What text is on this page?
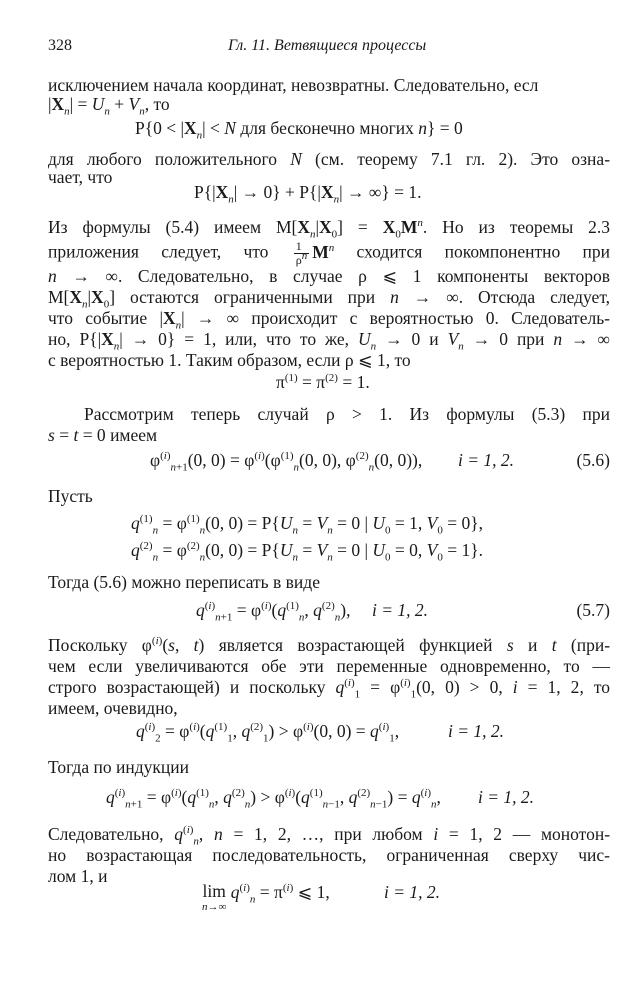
328	Гл. 11. Ветвящиеся процессы
исключением начала координат, невозвратны. Следовательно, есл
$|X_n| = U_n + V_n$, то
$P\{0 < |X_n| < N$ для бесконечно многих n} = 0
для любого положительного N (см. теорему 7.1 гл. 2). Это озна-
чает, что
$P\{|X_n| \to 0\} + P\{|X_n|$ → ∞} = 1.
Из формулы (5.4) имеем $M[X_n|X_0] = X_0M^n$. Но из теоремы 2.3
приложения следует, что $\frac{1}{\rho^n} M^n$ сходится покомпонентно при
n → ∞. Следовательно, в случае ρ ⩽ 1 компоненты векторов
$M[X_n|X_0]$ остаются ограниченными при n → ∞. Отсюда следует,
что событие $|X_n|$ → ∞ происходит с вероятностью 0. Следователь-
но, $P\{|X_n| \to 0\} = 1$, или, что то же, $U_n \to 0$ и $V_n \to 0$ при n → ∞
с вероятностью 1. Таким образом, если ρ ⩽ 1, то
$\pi^{(1)} = \pi^{(2)} = 1$.
Рассмотрим теперь случай ρ > 1. Из формулы (5.3) при
s = t = 0 имеем
$\varphi^{(i)}_{n+1}(0$, $0) = \varphi^{(i)}(\varphi^{(1)}_n(0$, 0), $\varphi^{(2)}_n(0$, 0)), i = 1, 2.	(5.6)
Пусть
$q^{(1)}_n = \varphi^{(1)}_n(0$, $0) = P\{U_n = V_n = 0$ | $U_0 = 1$, $V_0 = 0$},
$q^{(2)}_n = \varphi^{(2)}_n(0$, $0) = P\{U_n = V_n = 0$ | $U_0 = 0$, $V_0 = 1$}.
Тогда (5.6) можно переписать в виде
$q^{(i)}_{n+1} = \varphi^{(i)}(q^{(1)}_n$, $q^{(2)}_n$), i = 1, 2.	(5.7)
Поскольку $\varphi^{(i)}(s$, t) является возрастающей функцией s и t (при-
чем если увеличиваются обе эти переменные одновременно, то —
строго возрастающей) и поскольку $q^{(i)}_1 = \varphi^{(i)}_1(0$, 0) > 0, i = 1, 2, то
имеем, очевидно,
$q^{(i)}_2 = \varphi^{(i)}(q^{(1)}_1$, $q^{(2)}_1) > \varphi^{(i)}(0$, $0) = q^{(i)}_1$,	i = 1, 2.
Тогда по индукции
$q^{(i)}_{n+1} = \varphi^{(i)}(q^{(1)}_n$, $q^{(2)}_n) > \varphi^{(i)}(q^{(1)}_{n-1}$, $q^{(2)}_{n-1}) = q^{(i)}_n$, i = 1, 2.
Следовательно, $q^{(i)}_n$, n = 1, 2, …, при любом i = 1, 2 — монотон-
но возрастающая последовательность, ограниченная сверху чис-
лом 1, и
lim
n→∞
$q^{(i)}_n = \pi^{(i)}$ ⩽ 1,	i = 1, 2.
